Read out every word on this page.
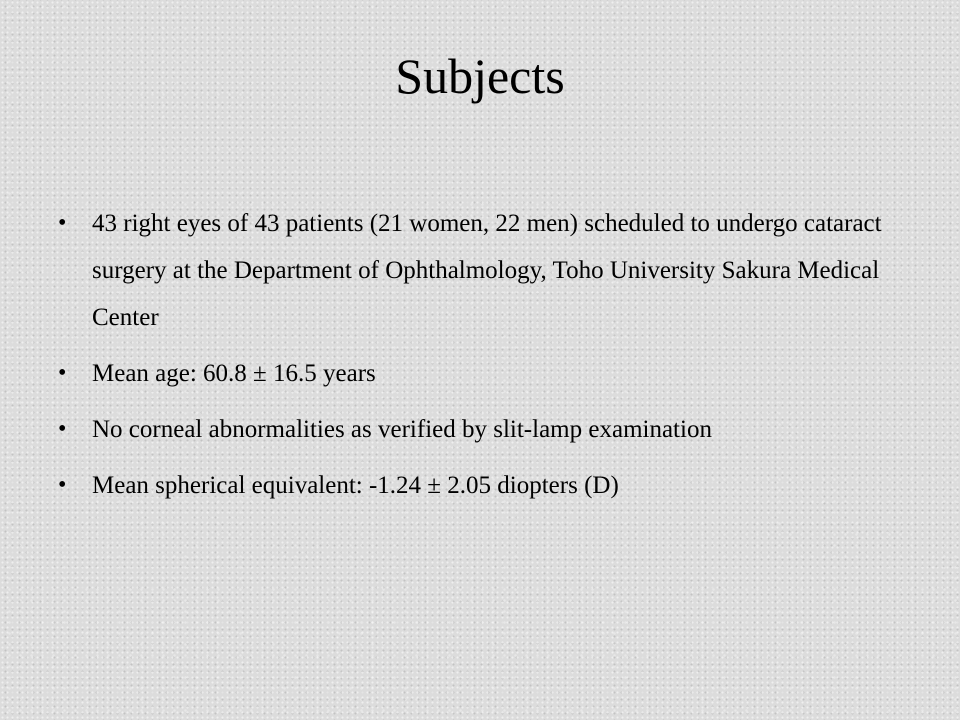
Subjects
•	43 right eyes of 43 patients (21 women, 22 men) scheduled to undergo cataract surgery at the Department of Ophthalmology, Toho University Sakura Medical Center
•	Mean age: 60.8 ± 16.5 years
•	No corneal abnormalities as verified by slit-lamp examination
•	Mean spherical equivalent: -1.24 ± 2.05 diopters (D)
